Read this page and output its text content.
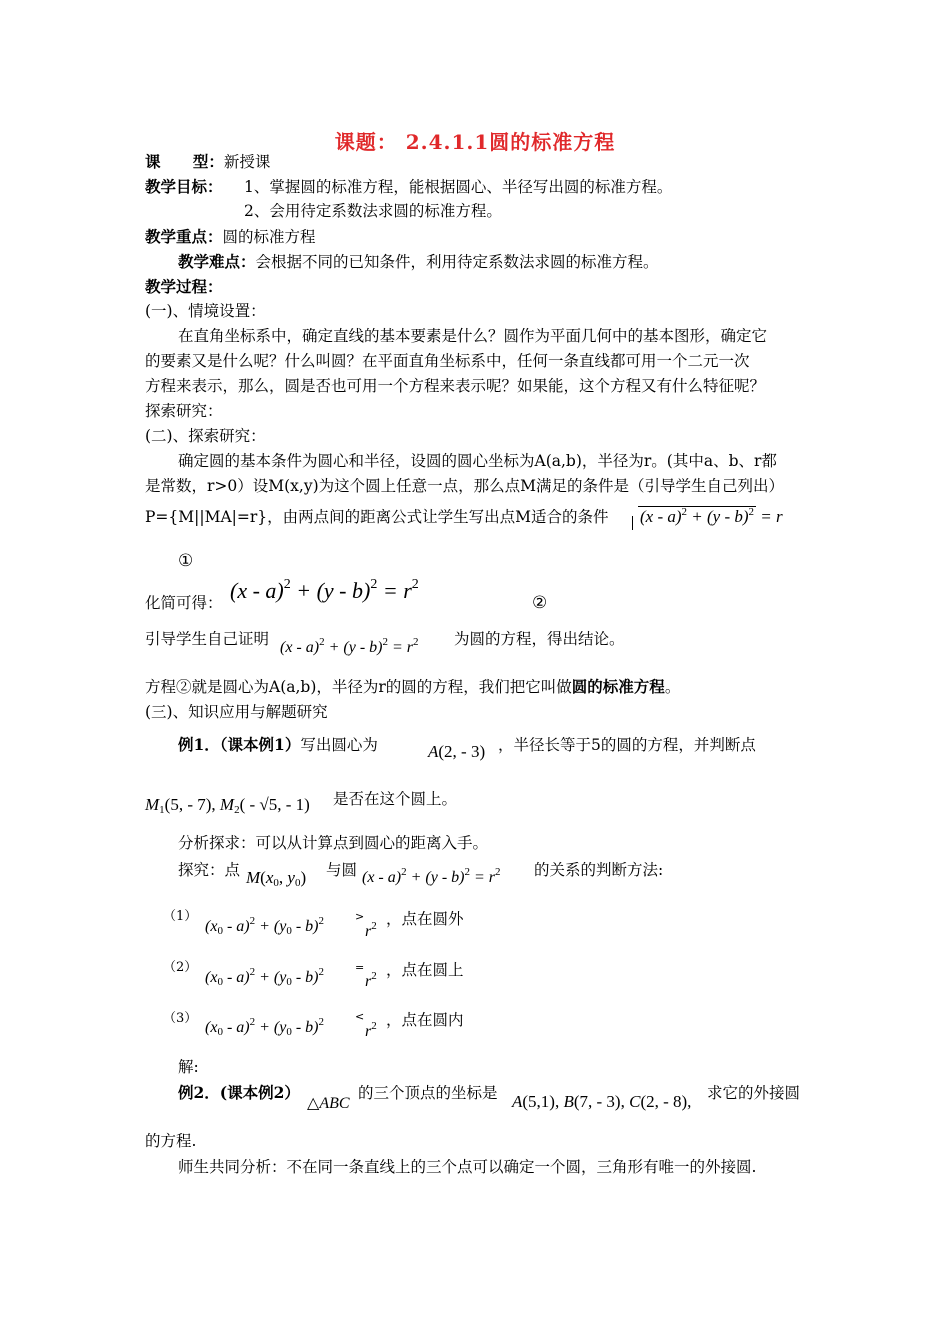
课题： 2.4.1.1圆的标准方程
课      型：新授课
教学目标： 1、掌握圆的标准方程，能根据圆心、半径写出圆的标准方程。
2、会用待定系数法求圆的标准方程。
教学重点：圆的标准方程
教学难点：会根据不同的已知条件，利用待定系数法求圆的标准方程。
教学过程：
(一)、情境设置：
在直角坐标系中，确定直线的基本要素是什么？圆作为平面几何中的基本图形，确定它
的要素又是什么呢？什么叫圆？在平面直角坐标系中，任何一条直线都可用一个二元一次
方程来表示，那么，圆是否也可用一个方程来表示呢？如果能，这个方程又有什么特征呢？
探索研究：
(二)、探索研究：
确定圆的基本条件为圆心和半径，设圆的圆心坐标为A(a,b)，半径为r。(其中a、b、r都
是常数，r>0）设M(x,y)为这个圆上任意一点，那么点M满足的条件是（引导学生自己列出）
P={M||MA|=r}，由两点间的距离公式让学生写出点M适合的条件	(x - a)$^2$ + (y - b)$^2$ = r
①
化简可得： $(x - a)^2 + (y - b)^2 = r^2$
②
引导学生自己证明 $(x - a)^2 + (y - b)^2 = r^2$ 为圆的方程，得出结论。
方程②就是圆心为A(a,b)，半径为r的圆的方程，我们把它叫做圆的标准方程。
(三)、知识应用与解题研究
例1．（课本例1）写出圆心为	A(2, - 3) ，半径长等于5的圆的方程，并判断点
$M_1(5$, - 7), $M_2( - √5$, - 1) 是否在这个圆上。
分析探求：可以从计算点到圆心的距离入手。
探究：点 $M(x_0$, $y_0$) 与圆 $(x - a)^2 + (y - b)^2 = r^2$ 的关系的判断方法:
（1）
$(x_0 - a)^2 + (y_0 - b)^2$	>
$r^2$ ，点在圆外
（2）
$(x_0 - a)^2 + (y_0 - b)^2$	=
$r^2$ ，点在圆上
（3）
$(x_0 - a)^2 + (y_0 - b)^2$	<
$r^2$ ，点在圆内
解:
例2．(课本例2）
△ABC
的三个顶点的坐标是 A(5,1), B(7, - 3), C(2, - 8), 求它的外接圆
的方程.
师生共同分析：不在同一条直线上的三个点可以确定一个圆，三角形有唯一的外接圆.
